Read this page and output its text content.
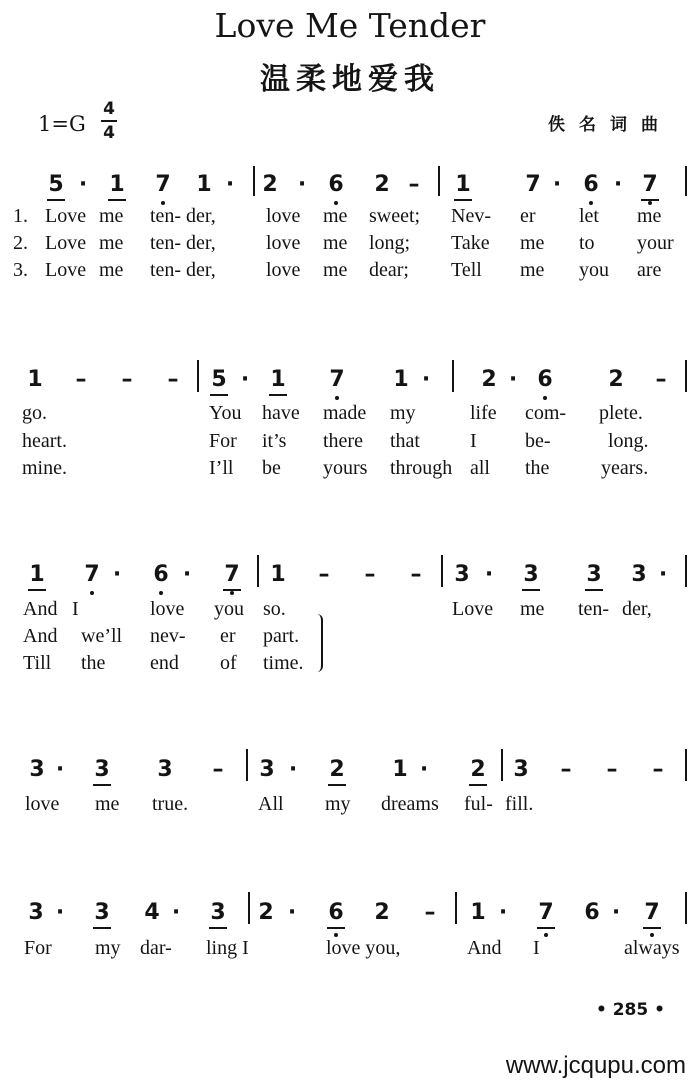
Love Me Tender
温柔地爱我
1=G
4
4	佚名词曲
5 ·	1 7 1 ·	2 ·	6 2 – 1 7 ·	6 · 7
Love me ten- der,	love me sweet; Nev- er let me
Love me ten- der,	love me long; Take me to your
Love me ten- der,	love me dear; Tell me you are
1.
2.
3.
1 – – – 5 · 1 7 1 ·	2 · 6	2 –
go.	You have made my	life com- plete.
heart.	For it’s there that	I be-	long.
mine.	I’ll be yours through all the	years.
1 7 ·	6 ·	7 1 – – – 3 ·	3 3 3 ·
And I	love you so.	Love me ten- der,
And we’ll nev- er part.
Till the end of time.
3 ·	3 3 – 3 ·	2 1 ·	2 3 – – –
love me true.	All my dreams ful- fill.
3 ·	3 4 ·	3 2 ·	6 2 – 1 ·	7 6 ·	7
For my dar- ling I	love you,	And I	always
• 285 •
www.jcqupu.com
